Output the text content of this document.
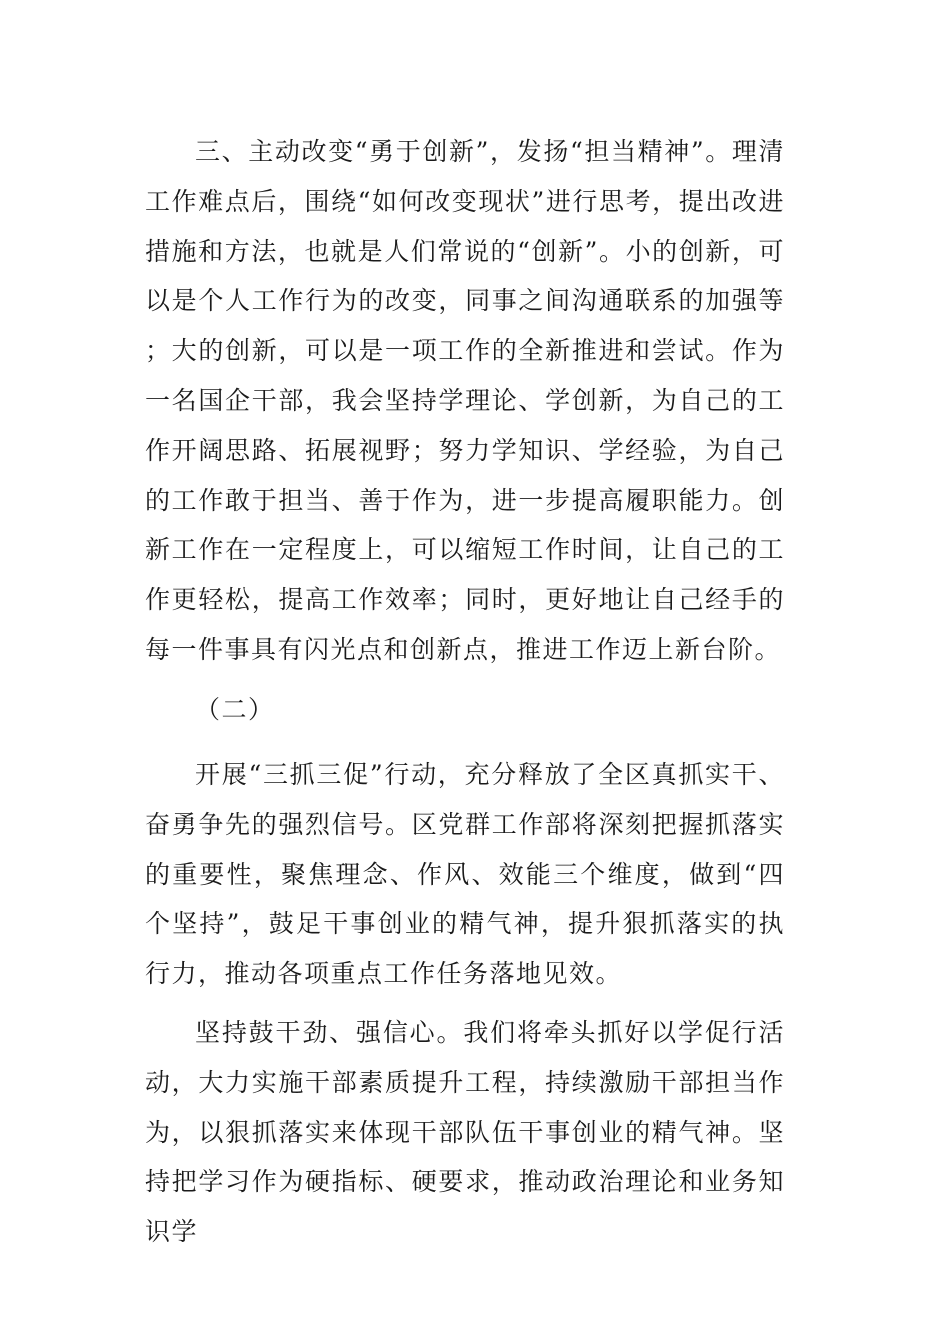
三、主动改变“勇于创新”，发扬“担当精神”。理清工作难点后，围绕“如何改变现状”进行思考，提出改进措施和方法，也就是人们常说的“创新”。小的创新，可以是个人工作行为的改变，同事之间沟通联系的加强等；大的创新，可以是一项工作的全新推进和尝试。作为一名国企干部，我会坚持学理论、学创新，为自己的工作开阔思路、拓展视野；努力学知识、学经验，为自己的工作敢于担当、善于作为，进一步提高履职能力。创新工作在一定程度上，可以缩短工作时间，让自己的工作更轻松，提高工作效率；同时，更好地让自己经手的每一件事具有闪光点和创新点，推进工作迈上新台阶。

（二）

开展“三抓三促”行动，充分释放了全区真抓实干、奋勇争先的强烈信号。区党群工作部将深刻把握抓落实的重要性，聚焦理念、作风、效能三个维度，做到“四个坚持”，鼓足干事创业的精气神，提升狠抓落实的执行力，推动各项重点工作任务落地见效。

坚持鼓干劲、强信心。我们将牵头抓好以学促行活动，大力实施干部素质提升工程，持续激励干部担当作为，以狠抓落实来体现干部队伍干事创业的精气神。坚持把学习作为硬指标、硬要求，推动政治理论和业务知识学
